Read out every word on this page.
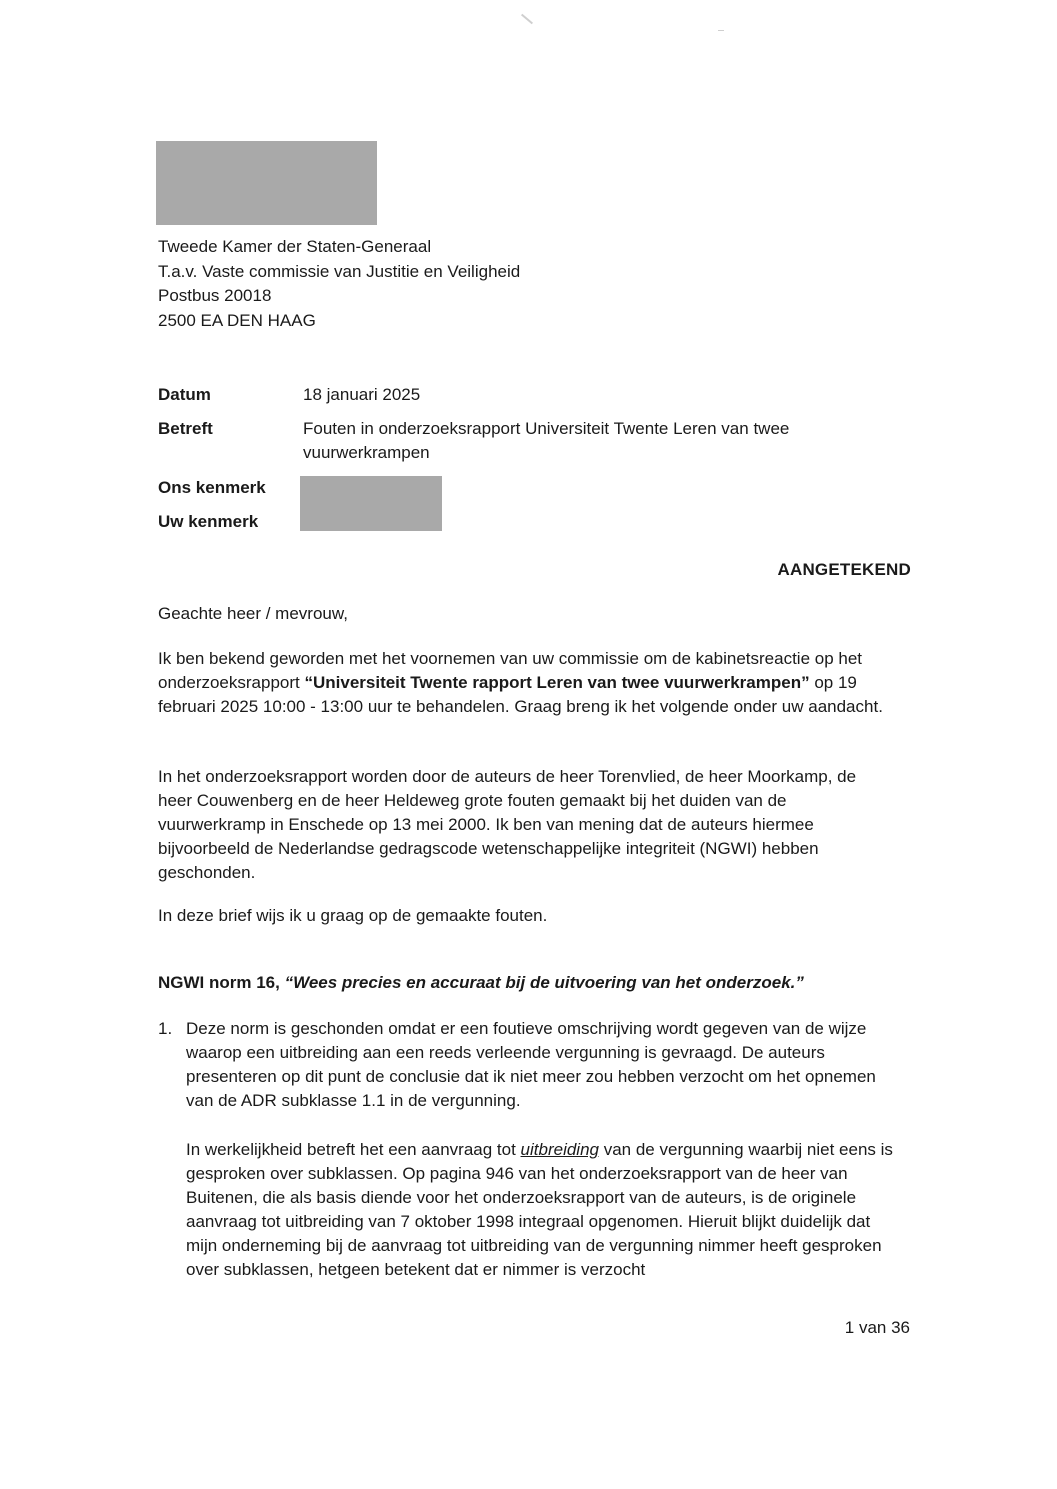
Tweede Kamer der Staten-Generaal
T.a.v. Vaste commissie van Justitie en Veiligheid
Postbus 20018
2500 EA DEN HAAG
Datum	18 januari 2025
Betreft	Fouten in onderzoeksrapport Universiteit Twente Leren van twee vuurwerkrampen
Ons kenmerk
Uw kenmerk
AANGETEKEND
Geachte heer / mevrouw,
Ik ben bekend geworden met het voornemen van uw commissie om de kabinetsreactie op het onderzoeksrapport “Universiteit Twente rapport Leren van twee vuurwerkrampen” op 19 februari 2025 10:00 - 13:00 uur te behandelen. Graag breng ik het volgende onder uw aandacht.
In het onderzoeksrapport worden door de auteurs de heer Torenvlied, de heer Moorkamp, de heer Couwenberg en de heer Heldeweg grote fouten gemaakt bij het duiden van de vuurwerkramp in Enschede op 13 mei 2000. Ik ben van mening dat de auteurs hiermee bijvoorbeeld de Nederlandse gedragscode wetenschappelijke integriteit (NGWI) hebben geschonden.
In deze brief wijs ik u graag op de gemaakte fouten.
NGWI norm 16, “Wees precies en accuraat bij de uitvoering van het onderzoek.”
1. Deze norm is geschonden omdat er een foutieve omschrijving wordt gegeven van de wijze waarop een uitbreiding aan een reeds verleende vergunning is gevraagd. De auteurs presenteren op dit punt de conclusie dat ik niet meer zou hebben verzocht om het opnemen van de ADR subklasse 1.1 in de vergunning.
In werkelijkheid betreft het een aanvraag tot uitbreiding van de vergunning waarbij niet eens is gesproken over subklassen. Op pagina 946 van het onderzoeksrapport van de heer van Buitenen, die als basis diende voor het onderzoeksrapport van de auteurs, is de originele aanvraag tot uitbreiding van 7 oktober 1998 integraal opgenomen. Hieruit blijkt duidelijk dat mijn onderneming bij de aanvraag tot uitbreiding van de vergunning nimmer heeft gesproken over subklassen, hetgeen betekent dat er nimmer is verzocht
1 van 36
